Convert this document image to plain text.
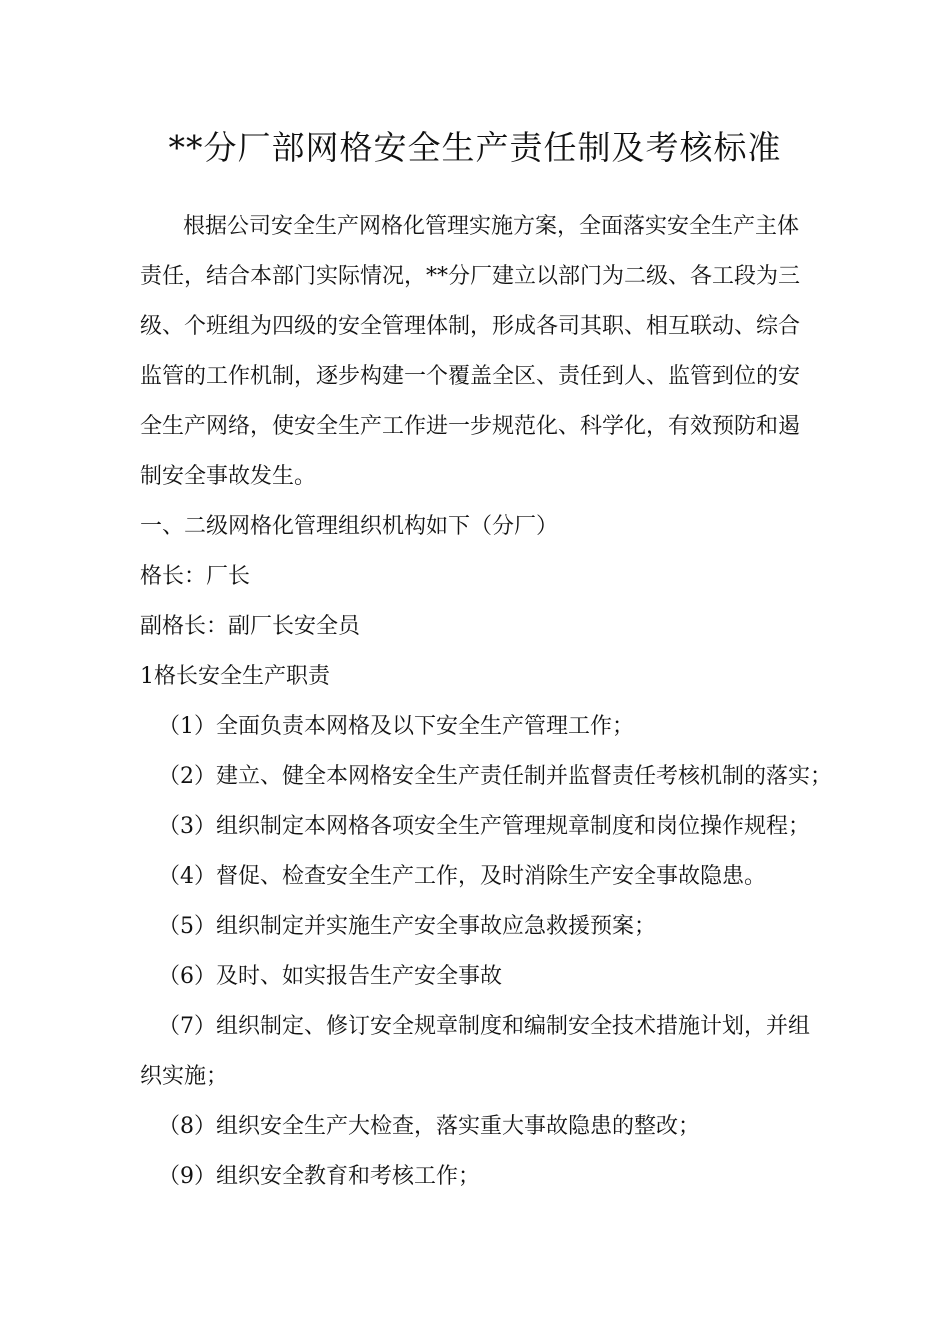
**分厂部网格安全生产责任制及考核标准
根据公司安全生产网格化管理实施方案，全面落实安全生产主体
责任，结合本部门实际情况，**分厂建立以部门为二级、各工段为三
级、个班组为四级的安全管理体制，形成各司其职、相互联动、综合
监管的工作机制，逐步构建一个覆盖全区、责任到人、监管到位的安
全生产网络，使安全生产工作进一步规范化、科学化，有效预防和遏
制安全事故发生。
一、二级网格化管理组织机构如下（分厂）
格长：厂长
副格长：副厂长安全员
1格长安全生产职责
（1）全面负责本网格及以下安全生产管理工作；
（2）建立、健全本网格安全生产责任制并监督责任考核机制的落实；
（3）组织制定本网格各项安全生产管理规章制度和岗位操作规程；
（4）督促、检查安全生产工作，及时消除生产安全事故隐患。
（5）组织制定并实施生产安全事故应急救援预案；
（6）及时、如实报告生产安全事故
（7）组织制定、修订安全规章制度和编制安全技术措施计划，并组
织实施；
（8）组织安全生产大检查，落实重大事故隐患的整改；
（9）组织安全教育和考核工作；
